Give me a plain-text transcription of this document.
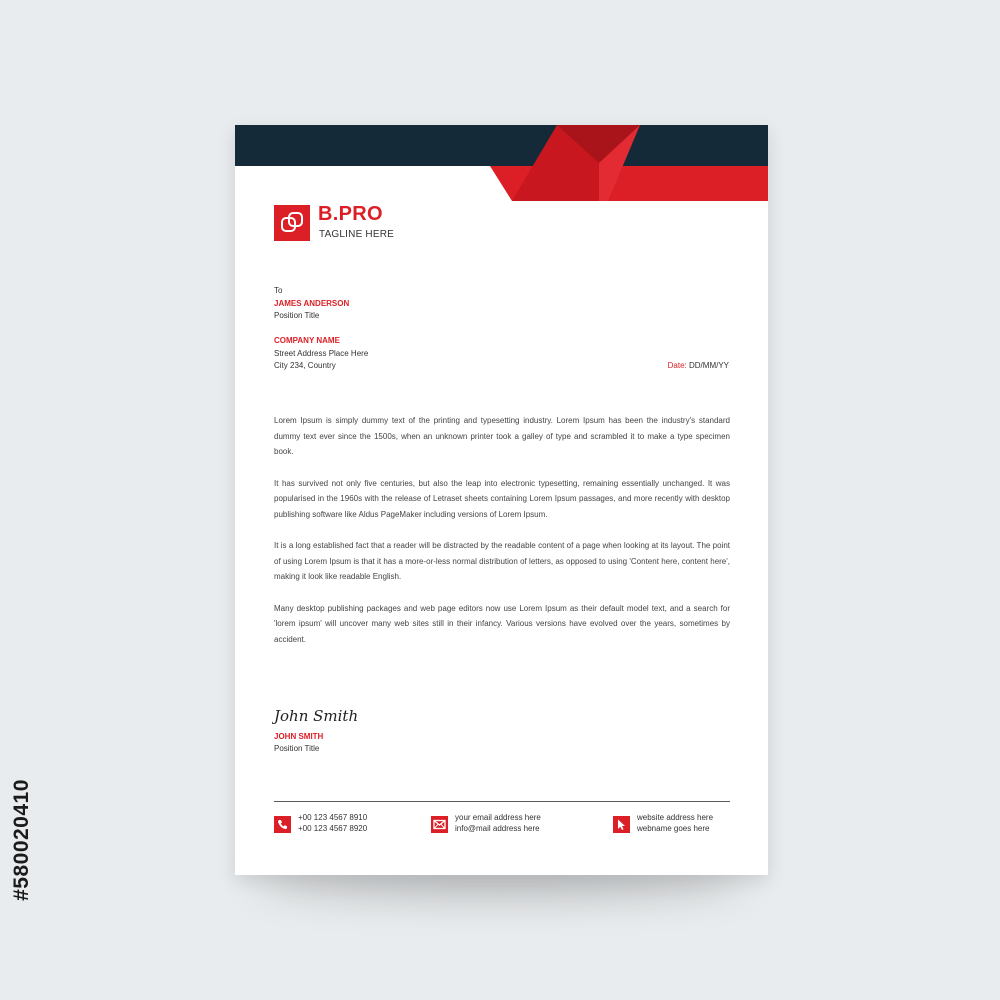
#580020410
B.PRO
TAGLINE HERE
To
JAMES ANDERSON
Position Title
COMPANY NAME
Street Address Place Here
City 234, Country	Date: DD/MM/YY

Lorem Ipsum is simply dummy text of the printing and typesetting industry. Lorem Ipsum has been the industry's standard dummy text ever since the 1500s, when an unknown printer took a galley of type and scrambled it to make a type specimen book.

It has survived not only five centuries, but also the leap into electronic typesetting, remaining essentially unchanged. It was popularised in the 1960s with the release of Letraset sheets containing Lorem Ipsum passages, and more recently with desktop publishing software like Aldus PageMaker including versions of Lorem Ipsum.

It is a long established fact that a reader will be distracted by the readable content of a page when looking at its layout. The point of using Lorem Ipsum is that it has a more-or-less normal distribution of letters, as opposed to using 'Content here, content here', making it look like readable English.

Many desktop publishing packages and web page editors now use Lorem Ipsum as their default model text, and a search for 'lorem ipsum' will uncover many web sites still in their infancy. Various versions have evolved over the years, sometimes by accident.

John Smith
JOHN SMITH
Position Title
+00 123 4567 8910
+00 123 4567 8920
your email address here
info@mail address here
website address here
webname goes here
